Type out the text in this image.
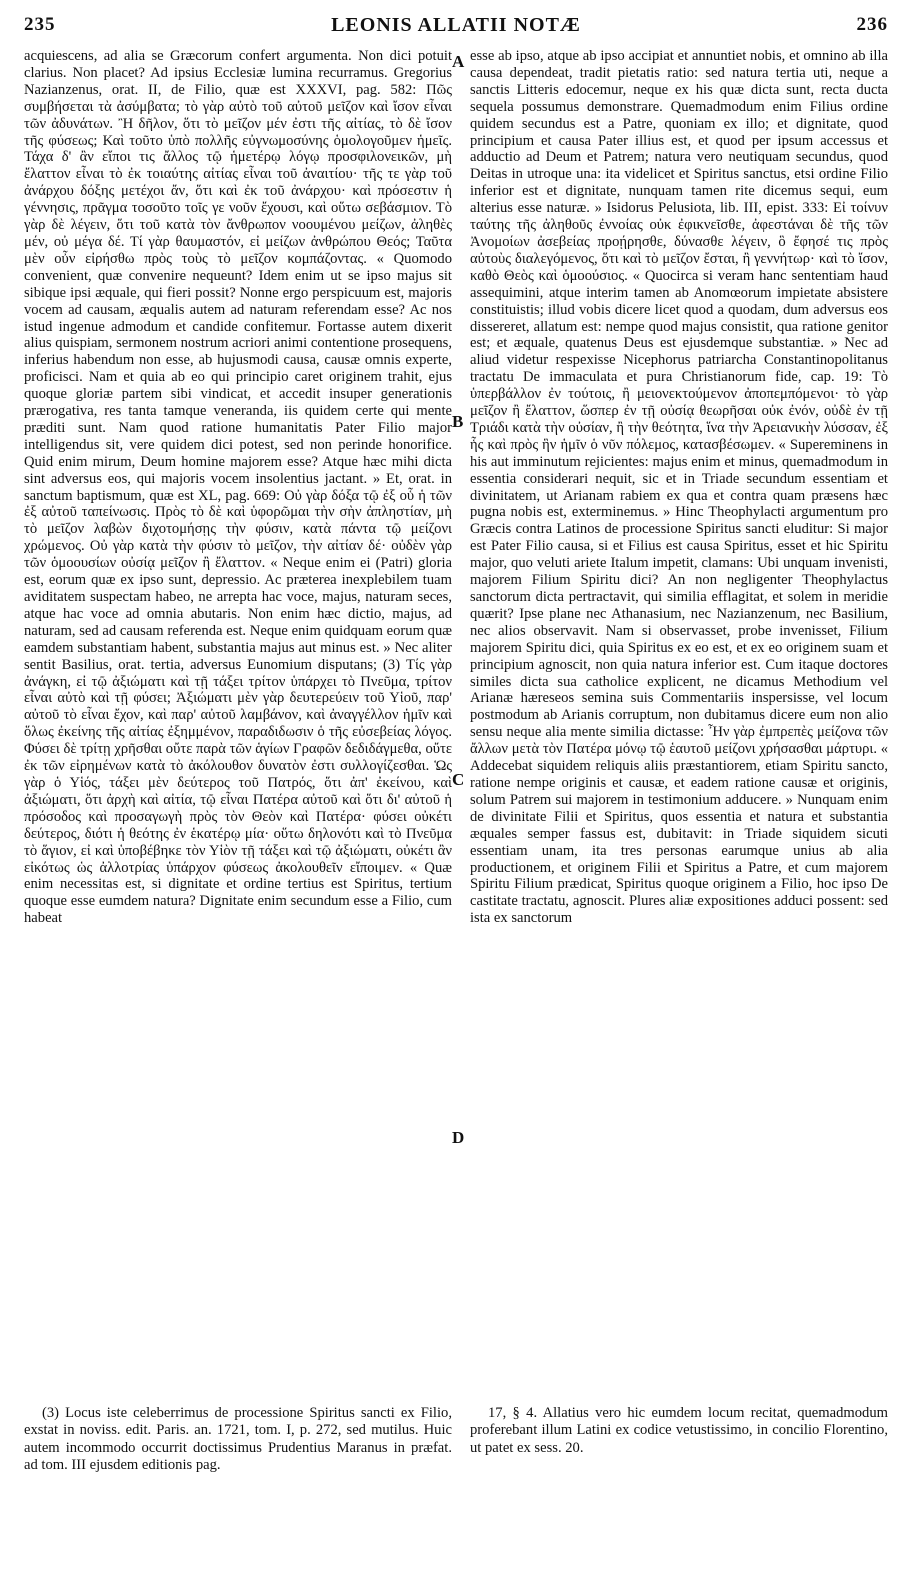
235	LEONIS ALLATII NOTÆ	236

acquiescens, ad alia se Græcorum confert argumenta. Non dici potuit clarius. Non placet? Ad ipsius Ecclesiæ lumina recurramus. Gregorius Nazianzenus, orat. II, de Filio, quæ est XXXVI, pag. 582: Πῶς συμβήσεται τὰ ἀσύμβατα; τὸ γὰρ αὐτὸ τοῦ αὐτοῦ μεῖζον καὶ ἴσον εἶναι τῶν ἀδυνάτων. Ἢ δῆλον, ὅτι τὸ μεῖζον μέν ἐστι τῆς αἰτίας, τὸ δὲ ἴσον τῆς φύσεως; Καὶ τοῦτο ὑπὸ πολλῆς εὐγνωμοσύνης ὁμολογοῦμεν ἡμεῖς. Τάχα δ' ἂν εἴποι τις ἄλλος τῷ ἡμετέρῳ λόγῳ προσφιλονεικῶν, μὴ ἔλαττον εἶναι τὸ ἐκ τοιαύτης αἰτίας εἶναι τοῦ ἀναιτίου· τῆς τε γὰρ τοῦ ἀνάρχου δόξης μετέχοι ἄν, ὅτι καὶ ἐκ τοῦ ἀνάρχου· καὶ πρόσεστιν ἡ γέννησις, πρᾶγμα τοσοῦτο τοῖς γε νοῦν ἔχουσι, καὶ οὕτω σεβάσμιον. Τὸ γὰρ δὲ λέγειν, ὅτι τοῦ κατὰ τὸν ἄνθρωπον νοουμένου μείζων, ἀληθὲς μέν, οὐ μέγα δέ. Τί γὰρ θαυμαστόν, εἰ μείζων ἀνθρώπου Θεός; Ταῦτα μὲν οὖν εἰρήσθω πρὸς τοὺς τὸ μεῖζον κομπάζοντας. « Quomodo convenient, quæ convenire nequeunt? Idem enim ut se ipso majus sit sibique ipsi æquale, qui fieri possit? Nonne ergo perspicuum est, majoris vocem ad causam, æqualis autem ad naturam referendam esse? Ac nos istud ingenue admodum et candide confitemur. Fortasse autem dixerit alius quispiam, sermonem nostrum acriori animi contentione prosequens, inferius habendum non esse, ab hujusmodi causa, causæ omnis experte, proficisci. Nam et quia ab eo qui principio caret originem trahit, ejus quoque gloriæ partem sibi vindicat, et accedit insuper generationis prærogativa, res tanta tamque veneranda, iis quidem certe qui mente præditi sunt. Nam quod ratione humanitatis Pater Filio major intelligendus sit, vere quidem dici potest, sed non perinde honorifice. Quid enim mirum, Deum homine majorem esse? Atque hæc mihi dicta sint adversus eos, qui majoris vocem insolentius jactant. » Et, orat. in sanctum baptismum, quæ est XL, pag. 669: Οὐ γὰρ δόξα τῷ ἐξ οὗ ἡ τῶν ἐξ αὐτοῦ ταπείνωσις. Πρὸς τὸ δὲ καὶ ὑφορῶμαι τὴν σὴν ἀπληστίαν, μὴ τὸ μεῖζον λαβὼν διχοτομήσῃς τὴν φύσιν, κατὰ πάντα τῷ μείζονι χρώμενος. Οὐ γὰρ κατὰ τὴν φύσιν τὸ μεῖζον, τὴν αἰτίαν δέ· οὐδὲν γὰρ τῶν ὁμοουσίων οὐσίᾳ μεῖζον ἢ ἔλαττον. « Neque enim ei (Patri) gloria est, eorum quæ ex ipso sunt, depressio. Ac præterea inexplebilem tuam aviditatem suspectam habeo, ne arrepta hac voce, majus, naturam seces, atque hac voce ad omnia abutaris. Non enim hæc dictio, majus, ad naturam, sed ad causam referenda est. Neque enim quidquam eorum quæ eamdem substantiam habent, substantia majus aut minus est. » Nec aliter sentit Basilius, orat. tertia, adversus Eunomium disputans; (3) Τίς γὰρ ἀνάγκη, εἰ τῷ ἀξιώματι καὶ τῇ τάξει τρίτον ὑπάρχει τὸ Πνεῦμα, τρίτον εἶναι αὐτὸ καὶ τῇ φύσει; Ἀξιώματι μὲν γὰρ δευτερεύειν τοῦ Υἱοῦ, παρ' αὐτοῦ τὸ εἶναι ἔχον, καὶ παρ' αὐτοῦ λαμβάνον, καὶ ἀναγγέλλον ἡμῖν καὶ ὅλως ἐκείνης τῆς αἰτίας ἐξημμένον, παραδιδωσιν ὁ τῆς εὐσεβείας λόγος. Φύσει δὲ τρίτῃ χρῆσθαι οὔτε παρὰ τῶν ἁγίων Γραφῶν δεδιδάγμεθα, οὔτε ἐκ τῶν εἰρημένων κατὰ τὸ ἀκόλουθον δυνατὸν ἐστι συλλογίζεσθαι. Ὡς γὰρ ὁ Υἱός, τάξει μὲν δεύτερος τοῦ Πατρός, ὅτι ἀπ' ἐκείνου, καὶ ἀξιώματι, ὅτι ἀρχὴ καὶ αἰτία, τῷ εἶναι Πατέρα αὐτοῦ καὶ ὅτι δι' αὐτοῦ ἡ πρόσοδος καὶ προσαγωγὴ πρὸς τὸν Θεὸν καὶ Πατέρα· φύσει οὐκέτι δεύτερος, διότι ἡ θεότης ἐν ἑκατέρῳ μία· οὕτω δηλονότι καὶ τὸ Πνεῦμα τὸ ἅγιον, εἰ καὶ ὑποβέβηκε τὸν Υἱὸν τῇ τάξει καὶ τῷ ἀξιώματι, οὐκέτι ἂν εἰκότως ὡς ἀλλοτρίας ὑπάρχον φύσεως ἀκολουθεῖν εἴποιμεν. « Quæ enim necessitas est, si dignitate et ordine tertius est Spiritus, tertium quoque esse eumdem natura? Dignitate enim secundum esse a Filio, cum habeat

A
B
C
D

esse ab ipso, atque ab ipso accipiat et annuntiet nobis, et omnino ab illa causa dependeat, tradit pietatis ratio: sed natura tertia uti, neque a sanctis Litteris edocemur, neque ex his quæ dicta sunt, recta ducta sequela possumus demonstrare. Quemadmodum enim Filius ordine quidem secundus est a Patre, quoniam ex illo; et dignitate, quod principium et causa Pater illius est, et quod per ipsum accessus et adductio ad Deum et Patrem; natura vero neutiquam secundus, quod Deitas in utroque una: ita videlicet et Spiritus sanctus, etsi ordine Filio inferior est et dignitate, nunquam tamen rite dicemus sequi, eum alterius esse naturæ. » Isidorus Pelusiota, lib. III, epist. 333: Εἰ τοίνυν ταύτης τῆς ἀληθοῦς ἐννοίας οὐκ ἐφικνεῖσθε, ἀφεστάναι δὲ τῆς τῶν Ἀνομοίων ἀσεβείας προῄρησθε, δύνασθε λέγειν, ὃ ἔφησέ τις πρὸς αὐτοὺς διαλεγόμενος, ὅτι καὶ τὸ μεῖζον ἔσται, ἢ γεννήτωρ· καὶ τὸ ἴσον, καθὸ Θεὸς καὶ ὁμοούσιος. « Quocirca si veram hanc sententiam haud assequimini, atque interim tamen ab Anomœorum impietate absistere constituistis; illud vobis dicere licet quod a quodam, dum adversus eos dissereret, allatum est: nempe quod majus consistit, qua ratione genitor est; et æquale, quatenus Deus est ejusdemque substantiæ. » Nec ad aliud videtur respexisse Nicephorus patriarcha Constantinopolitanus tractatu De immaculata et pura Christianorum fide, cap. 19: Τὸ ὑπερβάλλον ἐν τούτοις, ἢ μειονεκτούμενον ἀποπεμπόμενοι· τὸ γὰρ μεῖζον ἢ ἔλαττον, ὥσπερ ἐν τῇ οὐσίᾳ θεωρῆσαι οὐκ ἐνόν, οὐδὲ ἐν τῇ Τριάδι κατὰ τὴν οὐσίαν, ἢ τὴν θεότητα, ἵνα τὴν Ἀρειανικὴν λύσσαν, ἐξ ἧς καὶ πρὸς ἣν ἡμῖν ὁ νῦν πόλεμος, κατασβέσωμεν. « Supereminens in his aut imminutum rejicientes: majus enim et minus, quemadmodum in essentia considerari nequit, sic et in Triade secundum essentiam et divinitatem, ut Arianam rabiem ex qua et contra quam præsens hæc pugna nobis est, exterminemus. » Hinc Theophylacti argumentum pro Græcis contra Latinos de processione Spiritus sancti eluditur: Si major est Pater Filio causa, si et Filius est causa Spiritus, esset et hic Spiritu major, quo veluti ariete Italum impetit, clamans: Ubi unquam invenisti, majorem Filium Spiritu dici? An non negligenter Theophylactus sanctorum dicta pertractavit, qui similia efflagitat, et solem in meridie quærit? Ipse plane nec Athanasium, nec Nazianzenum, nec Basilium, nec alios observavit. Nam si observasset, probe invenisset, Filium majorem Spiritu dici, quia Spiritus ex eo est, et ex eo originem suam et principium agnoscit, non quia natura inferior est. Cum itaque doctores similes dicta sua catholice explicent, ne dicamus Methodium vel Arianæ hæreseos semina suis Commentariis inspersisse, vel locum postmodum ab Arianis corruptum, non dubitamus dicere eum non alio sensu neque alia mente similia dictasse: Ἦν γὰρ ἐμπρεπὲς μείζονα τῶν ἄλλων μετὰ τὸν Πατέρα μόνῳ τῷ ἑαυτοῦ μείζονι χρήσασθαι μάρτυρι. « Addecebat siquidem reliquis aliis præstantiorem, etiam Spiritu sancto, ratione nempe originis et causæ, et eadem ratione causæ et originis, solum Patrem sui majorem in testimonium adducere. » Nunquam enim de divinitate Filii et Spiritus, quos essentia et natura et substantia æquales semper fassus est, dubitavit: in Triade siquidem sicuti essentiam unam, ita tres personas earumque unius ab alia productionem, et originem Filii et Spiritus a Patre, et cum majorem Spiritu Filium prædicat, Spiritus quoque originem a Filio, hoc ipso De castitate tractatu, agnoscit. Plures aliæ expositiones adduci possent: sed ista ex sanctorum

(3) Locus iste celeberrimus de processione Spiritus sancti ex Filio, exstat in noviss. edit. Paris. an. 1721, tom. I, p. 272, sed mutilus. Huic autem incommodo occurrit doctissimus Prudentius Maranus in præfat. ad tom. III ejusdem editionis pag.

17, § 4. Allatius vero hic eumdem locum recitat, quemadmodum proferebant illum Latini ex codice vetustissimo, in concilio Florentino, ut patet ex sess. 20.
